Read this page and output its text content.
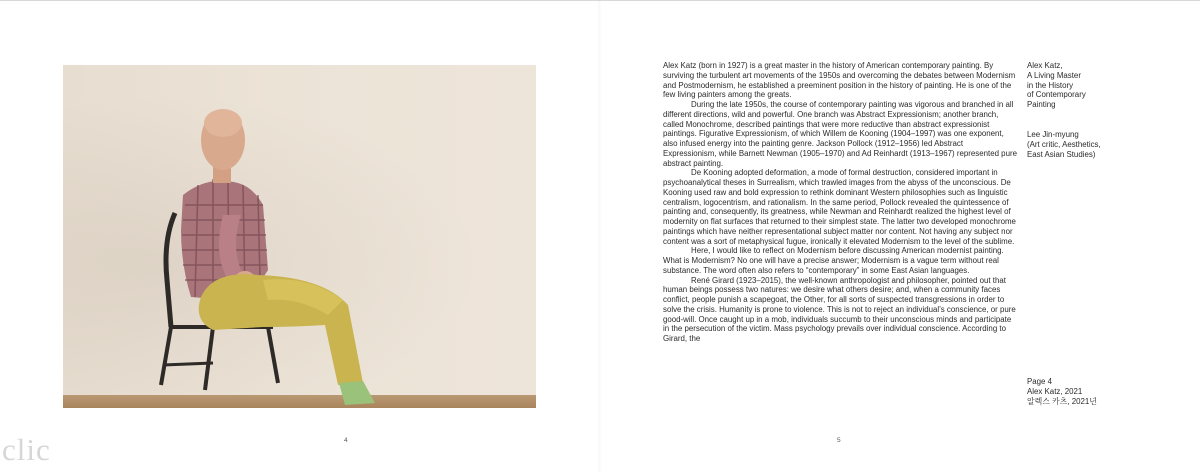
Alex Katz (born in 1927) is a great master in the history of American contemporary painting. By surviving the turbulent art movements of the 1950s and overcoming the debates between Modernism and Postmodernism, he established a preeminent position in the history of painting. He is one of the few living painters among the greats.

During the late 1950s, the course of contemporary painting was vigorous and branched in all different directions, wild and powerful. One branch was Abstract Expressionism; another branch, called Monochrome, described paintings that were more reductive than abstract expressionist paintings. Figurative Expressionism, of which Willem de Kooning (1904–1997) was one exponent, also infused energy into the painting genre. Jackson Pollock (1912–1956) led Abstract Expressionism, while Barnett Newman (1905–1970) and Ad Reinhardt (1913–1967) represented pure abstract painting.

De Kooning adopted deformation, a mode of formal destruction, considered important in psychoanalytical theses in Surrealism, which trawled images from the abyss of the unconscious. De Kooning used raw and bold expression to rethink dominant Western philosophies such as linguistic centralism, logocentrism, and rationalism. In the same period, Pollock revealed the quintessence of painting and, consequently, its greatness, while Newman and Reinhardt realized the highest level of modernity on flat surfaces that returned to their simplest state. The latter two developed monochrome paintings which have neither representational subject matter nor content. Not having any subject nor content was a sort of metaphysical fugue, ironically it elevated Modernism to the level of the sublime.

Here, I would like to reflect on Modernism before discussing American modernist painting. What is Modernism? No one will have a precise answer; Modernism is a vague term without real substance. The word often also refers to “contemporary” in some East Asian languages.

René Girard (1923–2015), the well-known anthropologist and philosopher, pointed out that human beings possess two natures: we desire what others desire; and, when a community faces conflict, people punish a scapegoat, the Other, for all sorts of suspected transgressions in order to solve the crisis. Humanity is prone to violence. This is not to reject an individual’s conscience, or pure good-will. Once caught up in a mob, individuals succumb to their unconscious minds and participate in the persecution of the victim. Mass psychology prevails over individual conscience. According to Girard, the

Alex Katz,
A Living Master
in the History
of Contemporary
Painting
Lee Jin-myung
(Art critic, Aesthetics,
East Asian Studies)
Page 4
Alex Katz, 2021
알렉스 카츠, 2021년
4	5
clic
